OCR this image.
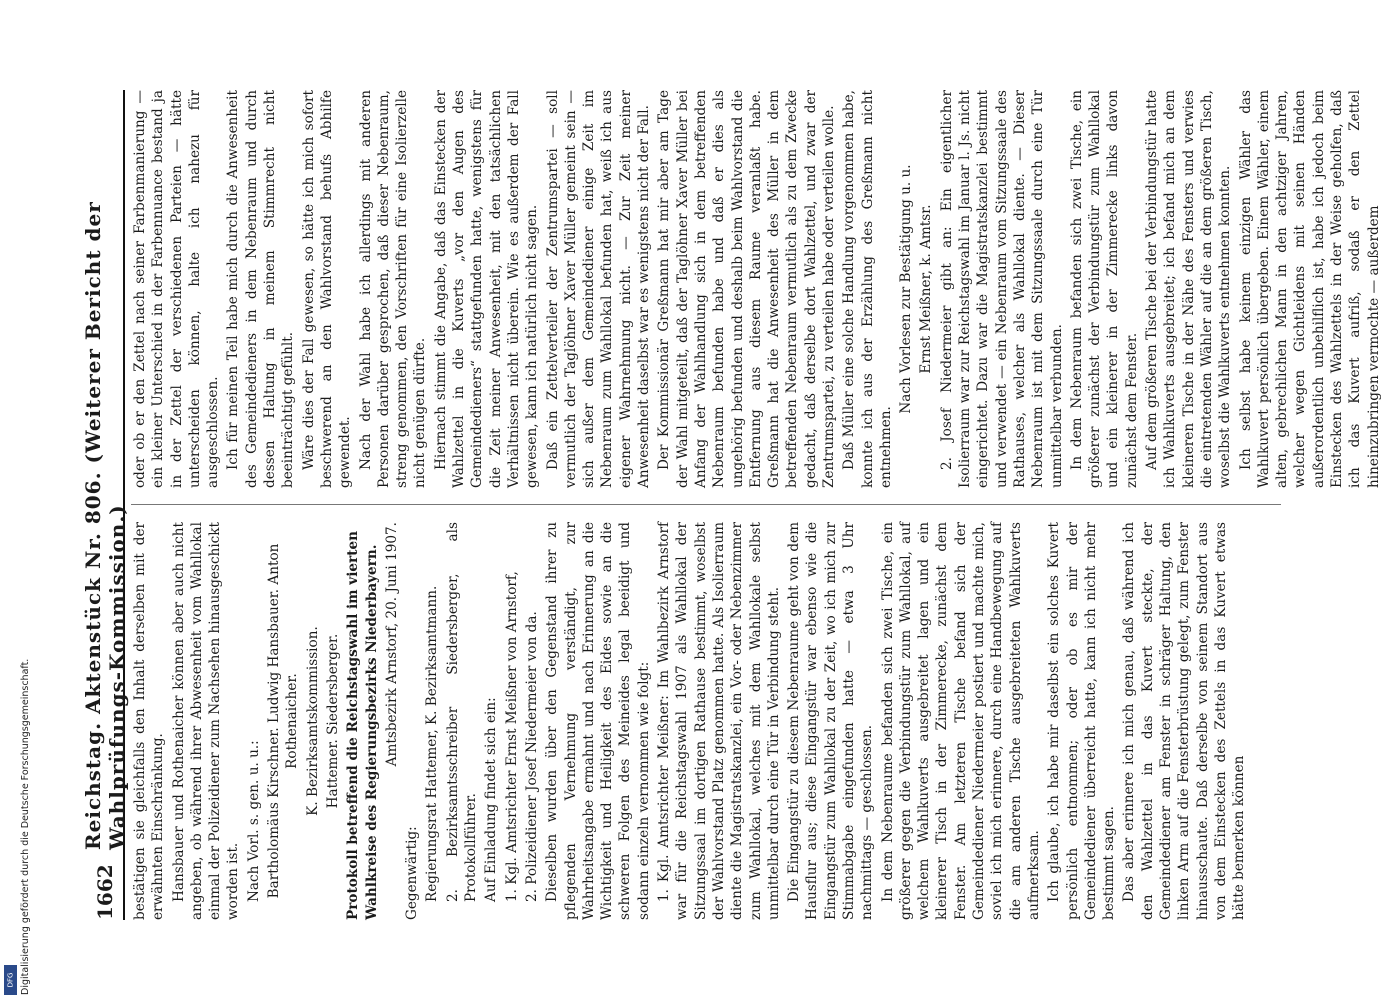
1662
Reichstag. Aktenstück Nr. 806. (Weiterer Bericht der Wahlprüfungs-Kommission.) bestätigen sie gleichfalls den Inhalt derselben mit der erwähnten Einschränkung. Hansbauer und Rothenaicher können aber auch nicht angeben, ob während ihrer Abwesenheit vom Wahllokal einmal der Polizeidiener zum Nachsehen hinausgeschickt worden ist. Nach Vorl. s. gen. u. u.: Bartholomäus Kirschner. Ludwig Hansbauer. Anton Rothenaicher. K. Bezirksamtskommission. Hattemer. Siedersberger. Protokoll betreffend die Reichstagswahl im vierten Wahlkreise des Regierungsbezirks Niederbayern. Amtsbezirk Arnstorf, 20. Juni 1907.

Gegenwärtig: Regierungsrat Hattemer, K. Bezirksamtmann. 2. Bezirksamtsschreiber Siedersberger, als Protokollführer. Auf Einladung findet sich ein: 1. Kgl. Amtsrichter Ernst Meißner von Arnstorf, 2. Polizeidiener Josef Niedermeier von da. Dieselben wurden über den Gegenstand ihrer zu pflegenden Vernehmung verständigt, zur Wahrheitsangabe ermahnt und nach Erinnerung an die Wichtigkeit und Heiligkeit des Eides sowie an die schweren Folgen des Meineides legal beeidigt und sodann einzeln vernommen wie folgt: 1. Kgl. Amtsrichter Meißner: Im Wahlbezirk Arnstorf war für die Reichstagswahl 1907 als Wahllokal der Sitzungssaal im dortigen Rathause bestimmt, woselbst der Wahlvorstand Platz genommen hatte. Als Isolierraum diente die Magistratskanzlei, ein Vor- oder Nebenzimmer zum Wahllokal, welches mit dem Wahllokale selbst unmittelbar durch eine Tür in Verbindung steht. Die Eingangstür zu diesem Nebenraume geht von dem Hausflur aus; diese Eingangstür war ebenso wie die Eingangstür zum Wahllokal zu der Zeit, wo ich mich zur Stimmabgabe eingefunden hatte — etwa 3 Uhr nachmittags — geschlossen. In dem Nebenraume befanden sich zwei Tische, ein größerer gegen die Verbindungstür zum Wahllokal, auf welchem Wahlkuverts ausgebreitet lagen und ein kleinerer Tisch in der Zimmerecke, zunächst dem Fenster. Am letzteren Tische befand sich der Gemeindediener Niedermeier postiert und machte mich, soviel ich mich erinnere, durch eine Handbewegung auf die am anderen Tische ausgebreiteten Wahlkuverts aufmerksam. Ich glaube, ich habe mir daselbst ein solches Kuvert persönlich entnommen; oder ob es mir der Gemeindediener überreicht hatte, kann ich nicht mehr bestimmt sagen. Das aber erinnere ich mich genau, daß während ich den Wahlzettel in das Kuvert steckte, der Gemeindediener am Fenster in schräger Haltung, den linken Arm auf die Fensterbrüstung gelegt, zum Fenster hinausschaute. Daß derselbe von seinem Standort aus von dem Einstecken des Zettels in das Kuvert etwas hätte bemerken können

oder ob er den Zettel nach seiner Farbenmanierung — ein kleiner Unterschied in der Farbennuance bestand ja in der Zettel der verschiedenen Parteien — hätte unterscheiden können, halte ich nahezu für ausgeschlossen. Ich für meinen Teil habe mich durch die Anwesenheit des Gemeindedieners in dem Nebenraum und durch dessen Haltung in meinem Stimmrecht nicht beeinträchtigt gefühlt. Wäre dies der Fall gewesen, so hätte ich mich sofort beschwerend an den Wahlvorstand behufs Abhilfe gewendet. Nach der Wahl habe ich allerdings mit anderen Personen darüber gesprochen, daß dieser Nebenraum, streng genommen, den Vorschriften für eine Isolierzelle nicht genügen dürfte. Hiernach stimmt die Angabe, daß das Einstecken der Wahlzettel in die Kuverts „vor den Augen des Gemeindedieners“ stattgefunden hatte, wenigstens für die Zeit meiner Anwesenheit, mit den tatsächlichen Verhältnissen nicht überein. Wie es außerdem der Fall gewesen, kann ich natürlich nicht sagen. Daß ein Zettelverteiler der Zentrumspartei — soll vermutlich der Taglöhner Xaver Müller gemeint sein — sich außer dem Gemeindediener einige Zeit im Nebenraum zum Wahllokal befunden hat, weiß ich aus eigener Wahrnehmung nicht. — Zur Zeit meiner Anwesenheit daselbst war es wenigstens nicht der Fall. Der Kommissionär Greßmann hat mir aber am Tage der Wahl mitgeteilt, daß der Taglöhner Xaver Müller bei Anfang der Wahlhandlung sich in dem betreffenden Nebenraum befunden habe und daß er dies als ungehörig befunden und deshalb beim Wahlvorstand die Entfernung aus diesem Raume veranlaßt habe. Greßmann hat die Anwesenheit des Müller in dem betreffenden Nebenraum vermutlich als zu dem Zwecke gedacht, daß derselbe dort Wahlzettel, und zwar der Zentrumspartei, zu verteilen habe oder verteilen wolle. Daß Müller eine solche Handlung vorgenommen habe, konnte ich aus der Erzählung des Greßmann nicht entnehmen.

Nach Vorlesen zur Bestätigung u. u. Ernst Meißner, k. Amtsr. 2. Josef Niedermeier gibt an: Ein eigentlicher Isolierraum war zur Reichstagswahl im Januar l. Js. nicht eingerichtet. Dazu war die Magistratskanzlei bestimmt und verwendet — ein Nebenraum vom Sitzungssaale des Rathauses, welcher als Wahllokal diente. — Dieser Nebenraum ist mit dem Sitzungssaale durch eine Tür unmittelbar verbunden. In dem Nebenraum befanden sich zwei Tische, ein größerer zunächst der Verbindungstür zum Wahllokal und ein kleinerer in der Zimmerecke links davon zunächst dem Fenster. Auf dem größeren Tische bei der Verbindungstür hatte ich Wahlkuverts ausgebreitet; ich befand mich an dem kleineren Tische in der Nähe des Fensters und verwies die eintretenden Wähler auf die an dem größeren Tisch, woselbst die Wahlkuverts entnehmen konnten. Ich selbst habe keinem einzigen Wähler das Wahlkuvert persönlich übergeben. Einem Wähler, einem alten, gebrechlichen Mann in den achtziger Jahren, welcher wegen Gichtleidens mit seinen Händen außerordentlich unbehilflich ist, habe ich jedoch beim Einstecken des Wahlzettels in der Weise geholfen, daß ich das Kuvert aufriß, sodaß er den Zettel hineinzubringen vermochte — außerdem

DFG Digitalisierung gefördert durch die Deutsche Forschungsgemeinschaft.
